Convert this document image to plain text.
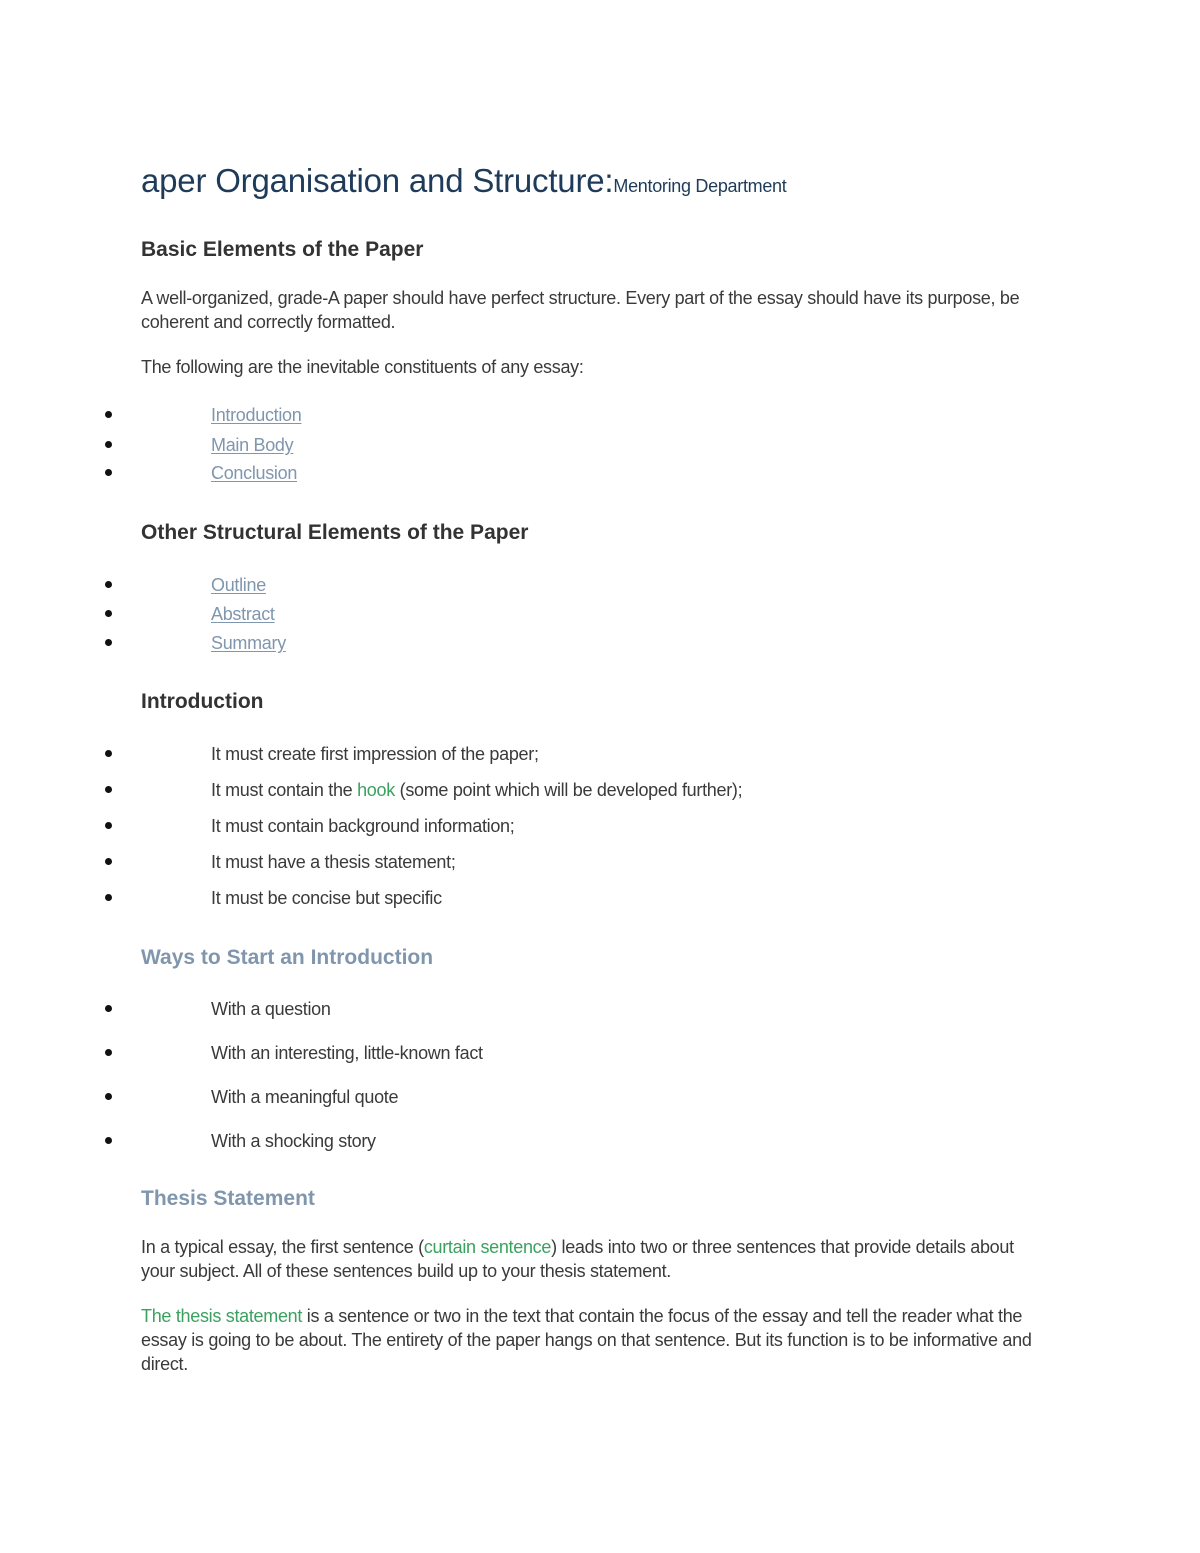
aper Organisation and Structure:Mentoring Department
Basic Elements of the Paper

A well-organized, grade-A paper should have perfect structure. Every part of the essay should have its purpose, be coherent and correctly formatted.

The following are the inevitable constituents of any essay:

Introduction
Main Body
Conclusion
Other Structural Elements of the Paper
Outline
Abstract
Summary
Introduction
It must create first impression of the paper;
It must contain the hook (some point which will be developed further);
It must contain background information;
It must have a thesis statement;
It must be concise but specific
Ways to Start an Introduction
With a question
With an interesting, little-known fact
With a meaningful quote
With a shocking story
Thesis Statement

In a typical essay, the first sentence (curtain sentence) leads into two or three sentences that provide details about your subject. All of these sentences build up to your thesis statement.

The thesis statement is a sentence or two in the text that contain the focus of the essay and tell the reader what the essay is going to be about. The entirety of the paper hangs on that sentence. But its function is to be informative and direct.
